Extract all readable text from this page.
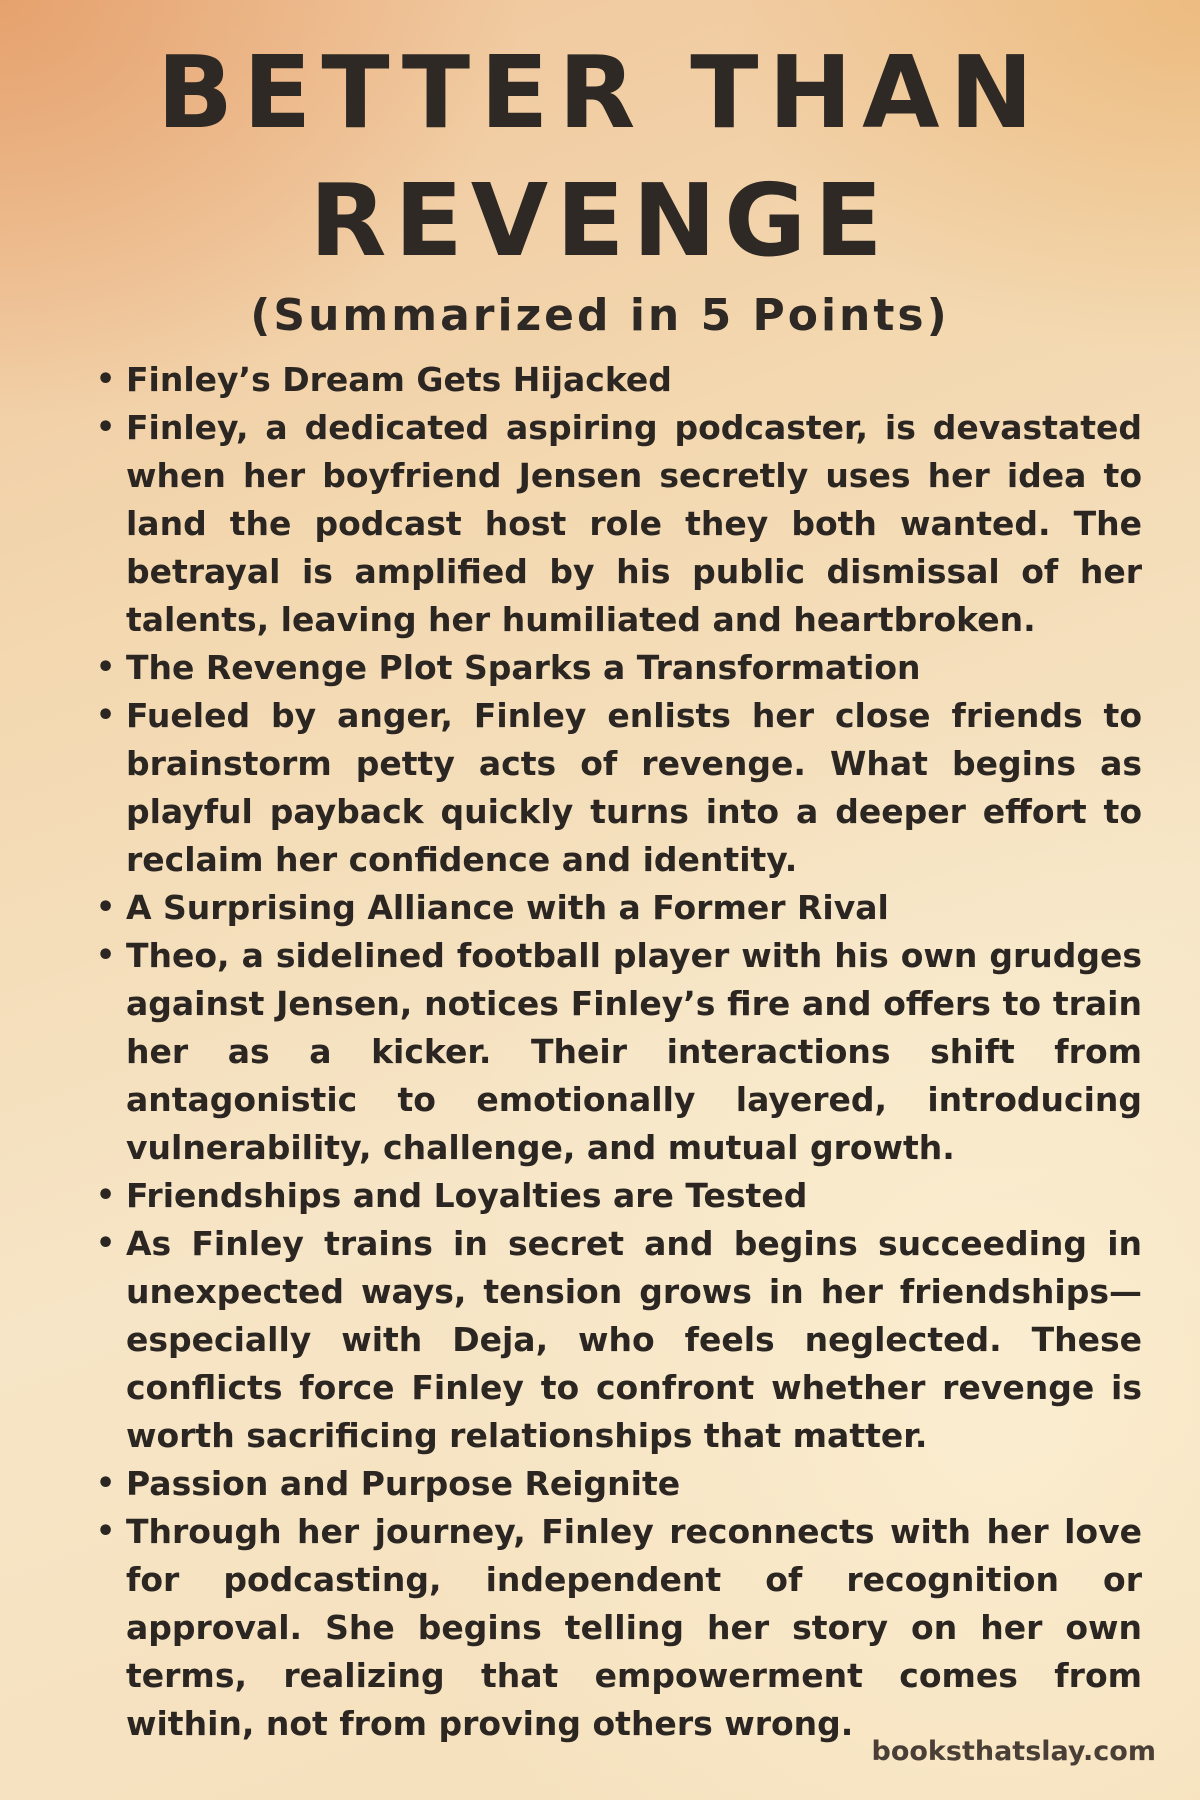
BETTER THAN
REVENGE
(Summarized in 5 Points)
• Finley’s Dream Gets Hijacked
• Finley, a dedicated aspiring podcaster, is devastated when her boyfriend Jensen secretly uses her idea to land the podcast host role they both wanted. The betrayal is amplified by his public dismissal of her talents, leaving her humiliated and heartbroken.
• The Revenge Plot Sparks a Transformation
• Fueled by anger, Finley enlists her close friends to brainstorm petty acts of revenge. What begins as playful payback quickly turns into a deeper effort to reclaim her confidence and identity.
• A Surprising Alliance with a Former Rival
• Theo, a sidelined football player with his own grudges against Jensen, notices Finley’s fire and offers to train her as a kicker. Their interactions shift from antagonistic to emotionally layered, introducing vulnerability, challenge, and mutual growth.
• Friendships and Loyalties are Tested
• As Finley trains in secret and begins succeeding in unexpected ways, tension grows in her friendships—especially with Deja, who feels neglected. These conflicts force Finley to confront whether revenge is worth sacrificing relationships that matter.
• Passion and Purpose Reignite
• Through her journey, Finley reconnects with her love for podcasting, independent of recognition or approval. She begins telling her story on her own terms, realizing that empowerment comes from within, not from proving others wrong.
booksthatslay.com
